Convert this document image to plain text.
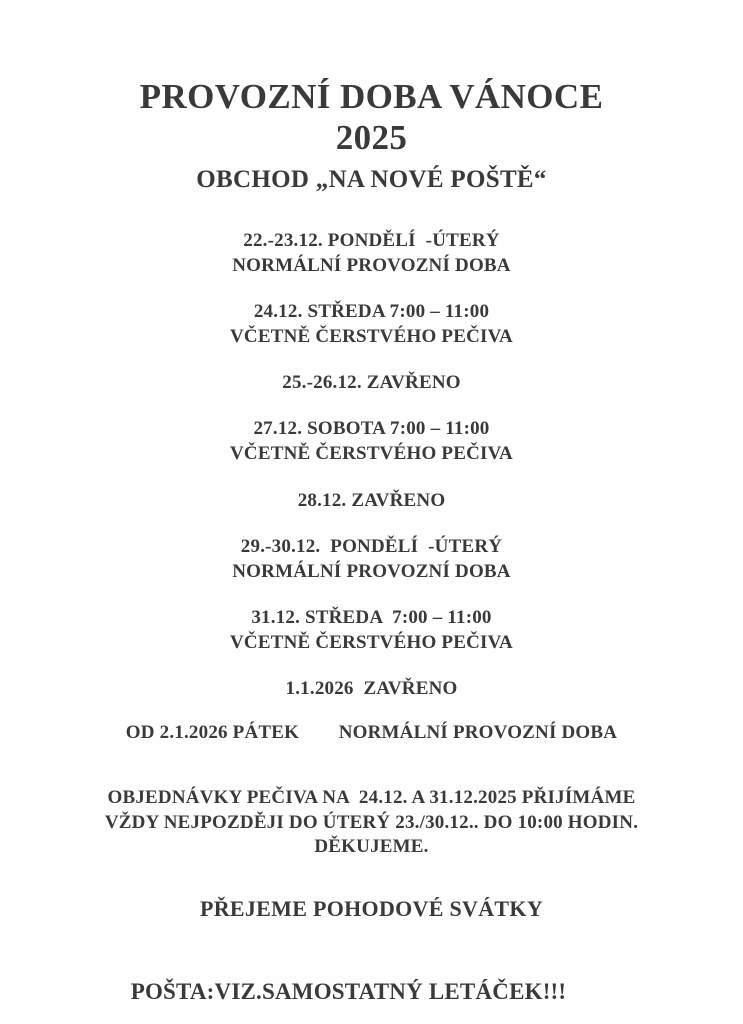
PROVOZNÍ DOBA VÁNOCE
2025
OBCHOD „NA NOVÉ POŠTĚ“
22.-23.12. PONDĚLÍ  -ÚTERÝ
NORMÁLNÍ PROVOZNÍ DOBA
24.12. STŘEDA 7:00 – 11:00
VČETNĚ ČERSTVÉHO PEČIVA
25.-26.12. ZAVŘENO
27.12. SOBOTA 7:00 – 11:00
VČETNĚ ČERSTVÉHO PEČIVA
28.12. ZAVŘENO
29.-30.12.  PONDĚLÍ  -ÚTERÝ
NORMÁLNÍ PROVOZNÍ DOBA
31.12. STŘEDA  7:00 – 11:00
VČETNĚ ČERSTVÉHO PEČIVA
1.1.2026  ZAVŘENO
OD 2.1.2026 PÁTEK        NORMÁLNÍ PROVOZNÍ DOBA
OBJEDNÁVKY PEČIVA NA  24.12. A 31.12.2025 PŘIJÍMÁME
VŽDY NEJPOZDĚJI DO ÚTERÝ 23./30.12.. DO 10:00 HODIN.
DĚKUJEME.
PŘEJEME POHODOVÉ SVÁTKY
POŠTA:VIZ.SAMOSTATNÝ LETÁČEK!!!
